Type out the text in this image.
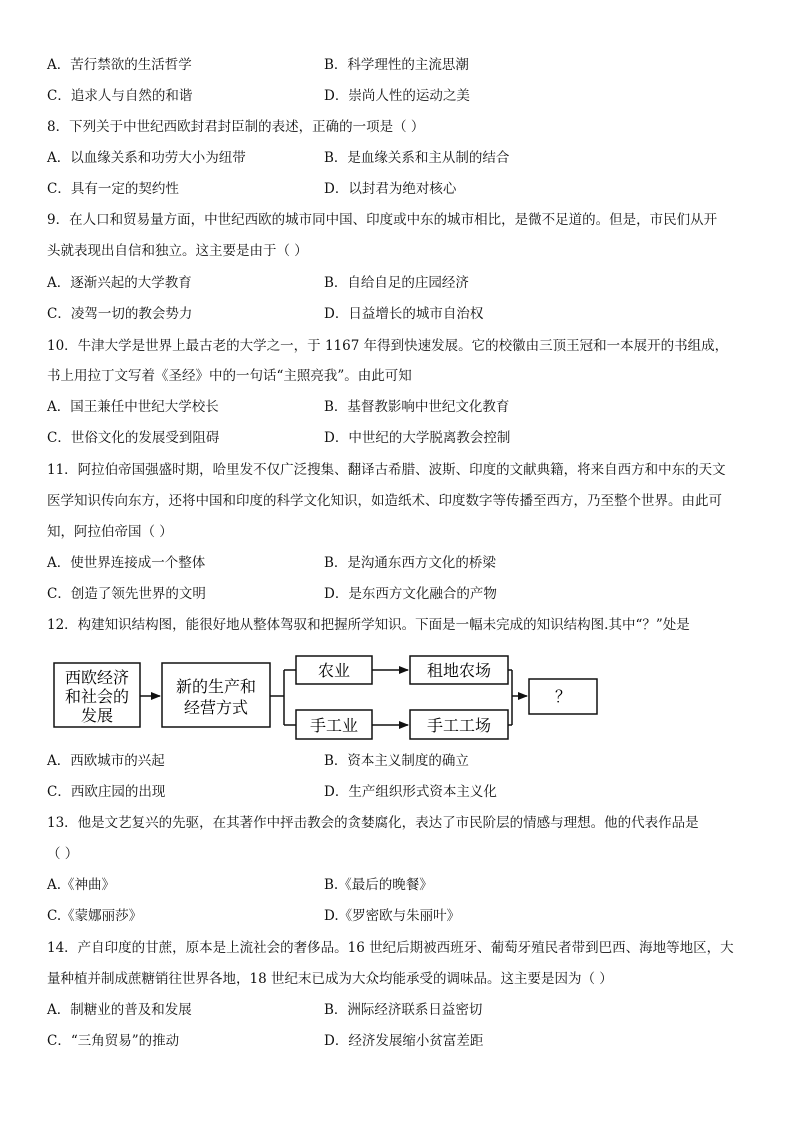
A．苦行禁欲的生活哲学	B．科学理性的主流思潮
C．追求人与自然的和谐	D．崇尚人性的运动之美
8．下列关于中世纪西欧封君封臣制的表述，正确的一项是（ ）
A．以血缘关系和功劳大小为纽带	B．是血缘关系和主从制的结合
C．具有一定的契约性	D．以封君为绝对核心
9．在人口和贸易量方面，中世纪西欧的城市同中国、印度或中东的城市相比，是微不足道的。但是，市民们从开
头就表现出自信和独立。这主要是由于（ ）
A．逐渐兴起的大学教育	B．自给自足的庄园经济
C．凌驾一切的教会势力	D．日益增长的城市自治权
10．牛津大学是世界上最古老的大学之一，于 1167 年得到快速发展。它的校徽由三顶王冠和一本展开的书组成，
书上用拉丁文写着《圣经》中的一句话“主照亮我”。由此可知
A．国王兼任中世纪大学校长	B．基督教影响中世纪文化教育
C．世俗文化的发展受到阻碍	D．中世纪的大学脱离教会控制
11．阿拉伯帝国强盛时期，哈里发不仅广泛搜集、翻译古希腊、波斯、印度的文献典籍，将来自西方和中东的天文
医学知识传向东方，还将中国和印度的科学文化知识，如造纸术、印度数字等传播至西方，乃至整个世界。由此可
知，阿拉伯帝国（ ）
A．使世界连接成一个整体	B．是沟通东西方文化的桥梁
C．创造了领先世界的文明	D．是东西方文化融合的产物
12．构建知识结构图，能很好地从整体驾驭和把握所学知识。下面是一幅未完成的知识结构图.其中“？”处是
西欧经济
和社会的
发展
新的生产和
经营方式
农业
手工业
租地农场
手工工场
？
A．西欧城市的兴起	B．资本主义制度的确立
C．西欧庄园的出现	D．生产组织形式资本主义化
13．他是文艺复兴的先驱，在其著作中抨击教会的贪婪腐化，表达了市民阶层的情感与理想。他的代表作品是
（ ）
A.《神曲》	B.《最后的晚餐》
C.《蒙娜丽莎》	D.《罗密欧与朱丽叶》
14．产自印度的甘蔗，原本是上流社会的奢侈品。16 世纪后期被西班牙、葡萄牙殖民者带到巴西、海地等地区，大
量种植并制成蔗糖销往世界各地，18 世纪末已成为大众均能承受的调味品。这主要是因为（ ）
A．制糖业的普及和发展	B．洲际经济联系日益密切
C．“三角贸易”的推动	D．经济发展缩小贫富差距
